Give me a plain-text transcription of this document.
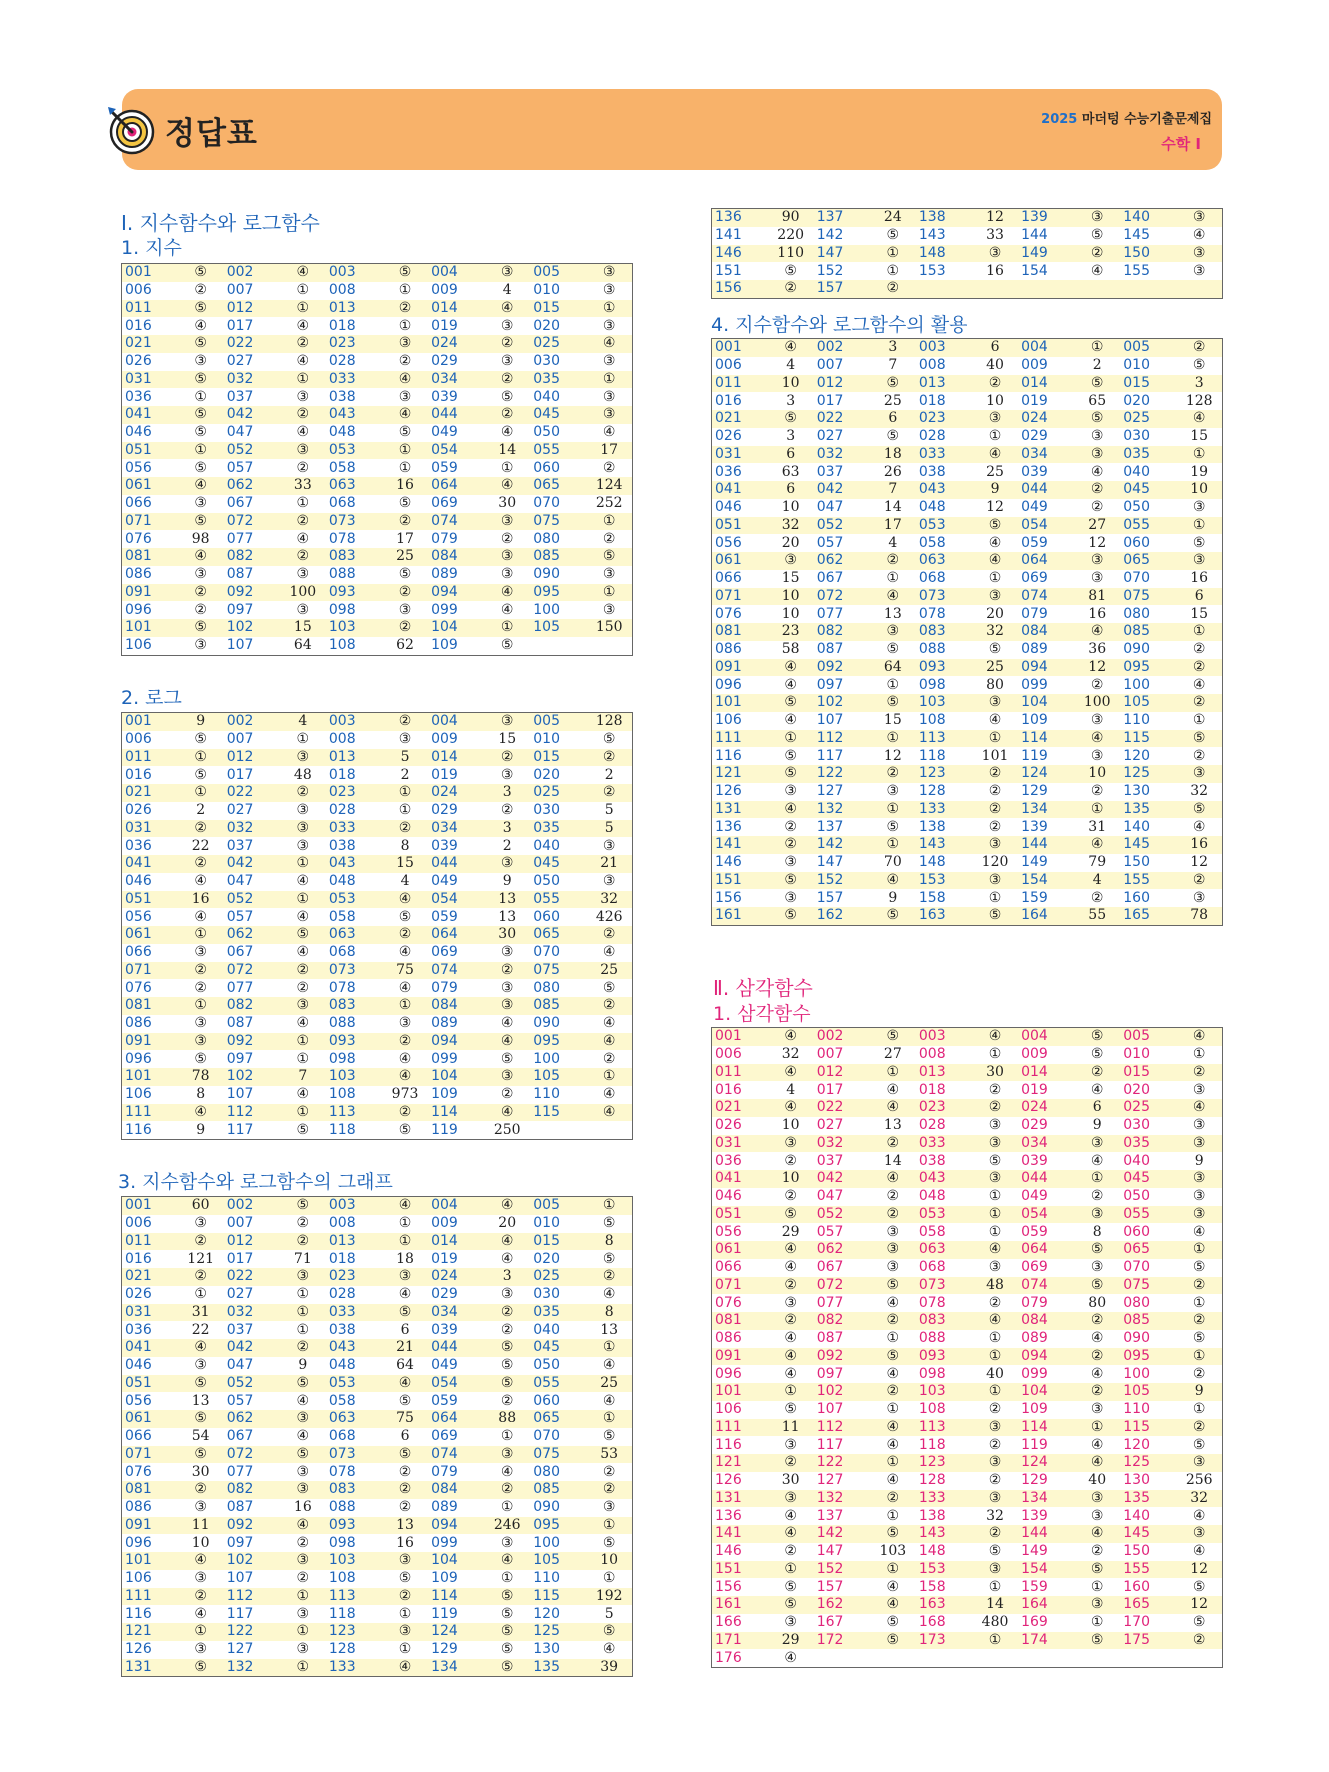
정답표	2025 마더텅 수능기출문제집
수학 Ⅰ
Ⅰ. 지수함수와 로그함수
1. 지수
001	⑤	002	④	003	⑤	004	③	005	③
006	②	007	①	008	①	009	4	010	③
011	⑤	012	①	013	②	014	④	015	①
016	④	017	④	018	①	019	③	020	③
021	⑤	022	②	023	③	024	②	025	④
026	③	027	④	028	②	029	③	030	③
031	⑤	032	①	033	④	034	②	035	①
036	①	037	③	038	③	039	⑤	040	③
041	⑤	042	②	043	④	044	②	045	③
046	⑤	047	④	048	⑤	049	④	050	④
051	①	052	③	053	①	054	14	055	17
056	⑤	057	②	058	①	059	①	060	②
061	④	062	33	063	16	064	④	065	124
066	③	067	①	068	⑤	069	30	070	252
071	⑤	072	②	073	②	074	③	075	①
076	98	077	④	078	17	079	②	080	②
081	④	082	②	083	25	084	③	085	⑤
086	③	087	③	088	⑤	089	③	090	③
091	②	092	100	093	②	094	④	095	①
096	②	097	③	098	③	099	④	100	③
101	⑤	102	15	103	②	104	①	105	150
106	③	107	64	108	62	109	⑤		
2. 로그
001	9	002	4	003	②	004	③	005	128
006	⑤	007	①	008	③	009	15	010	⑤
011	①	012	③	013	5	014	②	015	②
016	⑤	017	48	018	2	019	③	020	2
021	①	022	②	023	①	024	3	025	②
026	2	027	③	028	①	029	②	030	5
031	②	032	③	033	②	034	3	035	5
036	22	037	③	038	8	039	2	040	③
041	②	042	①	043	15	044	③	045	21
046	④	047	④	048	4	049	9	050	③
051	16	052	①	053	④	054	13	055	32
056	④	057	④	058	⑤	059	13	060	426
061	①	062	⑤	063	②	064	30	065	②
066	③	067	④	068	④	069	③	070	④
071	②	072	②	073	75	074	②	075	25
076	②	077	②	078	④	079	③	080	⑤
081	①	082	③	083	①	084	③	085	②
086	③	087	④	088	③	089	④	090	④
091	③	092	①	093	②	094	④	095	④
096	⑤	097	①	098	④	099	⑤	100	②
101	78	102	7	103	④	104	③	105	①
106	8	107	④	108	973	109	②	110	④
111	④	112	①	113	②	114	④	115	④
116	9	117	⑤	118	⑤	119	250		
3. 지수함수와 로그함수의 그래프
001	60	002	⑤	003	④	004	④	005	①
006	③	007	②	008	①	009	20	010	⑤
011	②	012	②	013	①	014	④	015	8
016	121	017	71	018	18	019	④	020	⑤
021	②	022	③	023	③	024	3	025	②
026	①	027	①	028	④	029	③	030	④
031	31	032	①	033	⑤	034	②	035	8
036	22	037	①	038	6	039	②	040	13
041	④	042	②	043	21	044	⑤	045	①
046	③	047	9	048	64	049	⑤	050	④
051	⑤	052	⑤	053	④	054	⑤	055	25
056	13	057	④	058	⑤	059	②	060	④
061	⑤	062	③	063	75	064	88	065	①
066	54	067	④	068	6	069	①	070	⑤
071	⑤	072	⑤	073	⑤	074	③	075	53
076	30	077	③	078	②	079	④	080	②
081	②	082	③	083	②	084	②	085	②
086	③	087	16	088	②	089	①	090	③
091	11	092	④	093	13	094	246	095	①
096	10	097	②	098	16	099	③	100	⑤
101	④	102	③	103	③	104	④	105	10
106	③	107	②	108	⑤	109	①	110	①
111	②	112	①	113	②	114	⑤	115	192
116	④	117	③	118	①	119	⑤	120	5
121	①	122	①	123	③	124	⑤	125	⑤
126	③	127	③	128	①	129	⑤	130	④
131	⑤	132	①	133	④	134	⑤	135	39
136	90	137	24	138	12	139	③	140	③
141	220	142	⑤	143	33	144	⑤	145	④
146	110	147	①	148	③	149	②	150	③
151	⑤	152	①	153	16	154	④	155	③
156	②	157	②						
4. 지수함수와 로그함수의 활용
001	④	002	3	003	6	004	①	005	②
006	4	007	7	008	40	009	2	010	⑤
011	10	012	⑤	013	②	014	⑤	015	3
016	3	017	25	018	10	019	65	020	128
021	⑤	022	6	023	③	024	⑤	025	④
026	3	027	⑤	028	①	029	③	030	15
031	6	032	18	033	④	034	③	035	①
036	63	037	26	038	25	039	④	040	19
041	6	042	7	043	9	044	②	045	10
046	10	047	14	048	12	049	②	050	③
051	32	052	17	053	⑤	054	27	055	①
056	20	057	4	058	④	059	12	060	⑤
061	③	062	②	063	④	064	③	065	③
066	15	067	①	068	①	069	③	070	16
071	10	072	④	073	③	074	81	075	6
076	10	077	13	078	20	079	16	080	15
081	23	082	③	083	32	084	④	085	①
086	58	087	⑤	088	⑤	089	36	090	②
091	④	092	64	093	25	094	12	095	②
096	④	097	①	098	80	099	②	100	④
101	⑤	102	⑤	103	③	104	100	105	②
106	④	107	15	108	④	109	③	110	①
111	①	112	①	113	①	114	④	115	⑤
116	⑤	117	12	118	101	119	③	120	②
121	⑤	122	②	123	②	124	10	125	③
126	③	127	③	128	②	129	②	130	32
131	④	132	①	133	②	134	①	135	⑤
136	②	137	⑤	138	②	139	31	140	④
141	②	142	①	143	③	144	④	145	16
146	③	147	70	148	120	149	79	150	12
151	⑤	152	④	153	③	154	4	155	②
156	③	157	9	158	①	159	②	160	③
161	⑤	162	⑤	163	⑤	164	55	165	78
Ⅱ. 삼각함수
1. 삼각함수
001	④	002	⑤	003	④	004	⑤	005	④
006	32	007	27	008	①	009	⑤	010	①
011	④	012	①	013	30	014	②	015	②
016	4	017	④	018	②	019	④	020	③
021	④	022	④	023	②	024	6	025	④
026	10	027	13	028	③	029	9	030	③
031	③	032	②	033	③	034	③	035	③
036	②	037	14	038	⑤	039	④	040	9
041	10	042	④	043	③	044	①	045	③
046	②	047	②	048	①	049	②	050	③
051	⑤	052	②	053	①	054	③	055	③
056	29	057	③	058	①	059	8	060	④
061	④	062	③	063	④	064	⑤	065	①
066	④	067	③	068	③	069	③	070	⑤
071	②	072	⑤	073	48	074	⑤	075	②
076	③	077	④	078	②	079	80	080	①
081	②	082	②	083	④	084	②	085	②
086	④	087	①	088	①	089	④	090	⑤
091	④	092	⑤	093	①	094	②	095	①
096	④	097	④	098	40	099	④	100	②
101	①	102	②	103	①	104	②	105	9
106	⑤	107	①	108	②	109	③	110	①
111	11	112	④	113	③	114	①	115	②
116	③	117	④	118	②	119	④	120	⑤
121	②	122	①	123	③	124	④	125	③
126	30	127	④	128	②	129	40	130	256
131	③	132	②	133	③	134	③	135	32
136	④	137	①	138	32	139	③	140	④
141	④	142	⑤	143	②	144	④	145	③
146	②	147	103	148	⑤	149	②	150	④
151	①	152	①	153	③	154	⑤	155	12
156	⑤	157	④	158	①	159	①	160	⑤
161	⑤	162	④	163	14	164	③	165	12
166	③	167	⑤	168	480	169	①	170	⑤
171	29	172	⑤	173	①	174	⑤	175	②
176	④								
